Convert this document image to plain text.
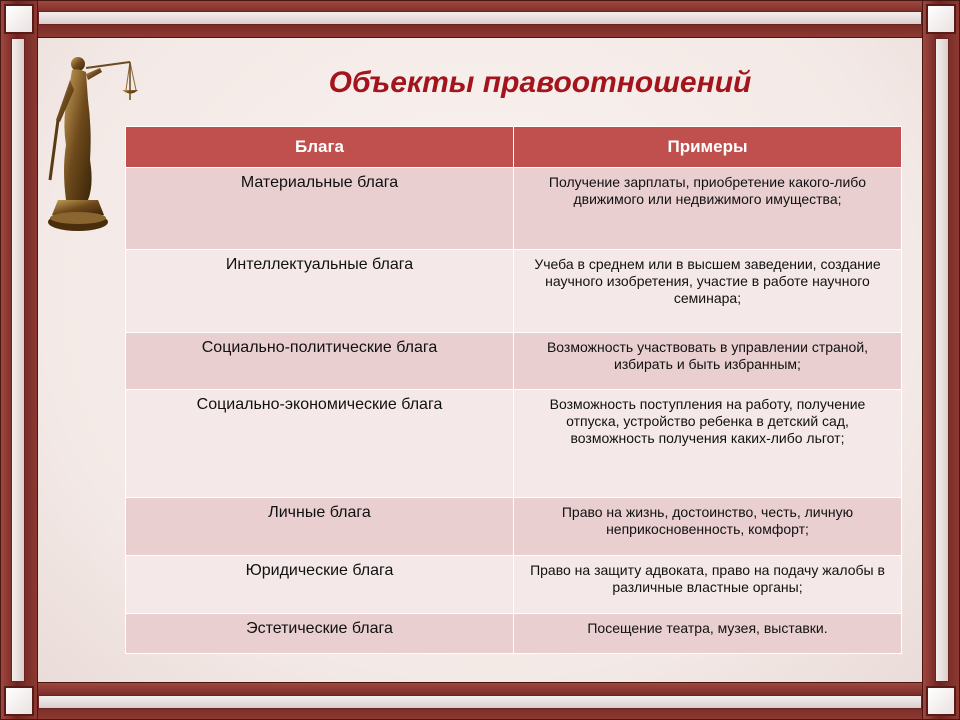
Объекты правоотношений
Блага	Примеры
Материальные блага	Получение зарплаты, приобретение какого-либо движимого или недвижимого имущества;
Интеллектуальные блага	Учеба в среднем или в высшем заведении, создание научного изобретения, участие в работе научного семинара;
Социально-политические блага	Возможность участвовать в управлении страной, избирать и быть избранным;
Социально-экономические блага	Возможность поступления на работу, получение отпуска, устройство ребенка в детский сад, возможность получения каких-либо льгот;
Личные блага	Право на жизнь, достоинство, честь, личную неприкосновенность, комфорт;
Юридические блага	Право на защиту адвоката, право на подачу жалобы в различные властные органы;
Эстетические блага	Посещение театра, музея, выставки.
